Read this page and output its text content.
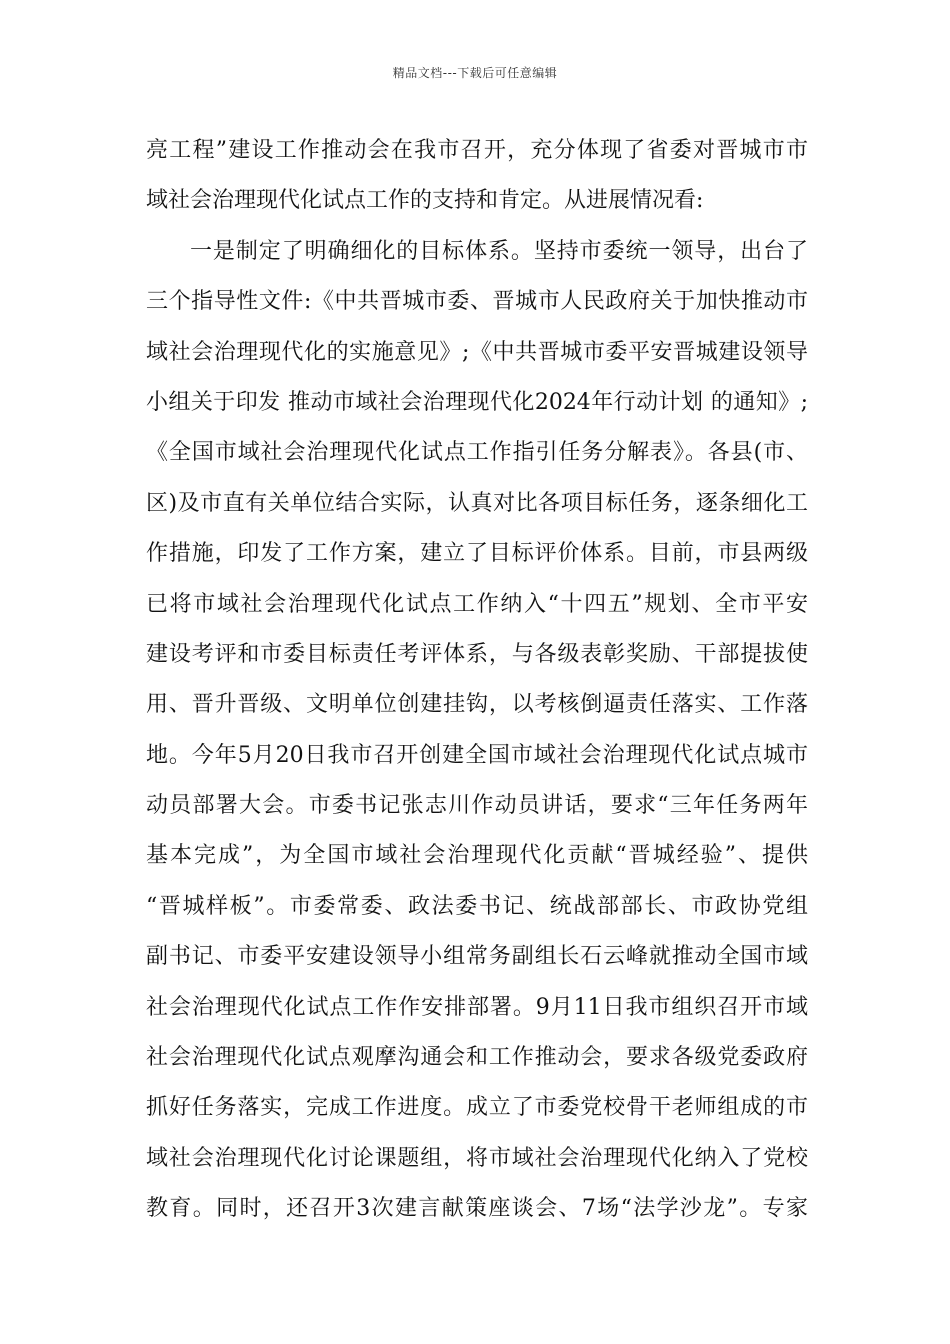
精品文档---下载后可任意编辑
亮工程”建设工作推动会在我市召开，充分体现了省委对晋城市市
域社会治理现代化试点工作的支持和肯定。从进展情况看:
一是制定了明确细化的目标体系。坚持市委统一领导，出台了
三个指导性文件:《中共晋城市委、晋城市人民政府关于加快推动市
域社会治理现代化的实施意见》;《中共晋城市委平安晋城建设领导
小组关于印发 推动市域社会治理现代化2024年行动计划 的通知》;
《全国市域社会治理现代化试点工作指引任务分解表》。各县(市、
区)及市直有关单位结合实际，认真对比各项目标任务，逐条细化工
作措施，印发了工作方案，建立了目标评价体系。目前，市县两级
已将市域社会治理现代化试点工作纳入“十四五”规划、全市平安
建设考评和市委目标责任考评体系，与各级表彰奖励、干部提拔使
用、晋升晋级、文明单位创建挂钩，以考核倒逼责任落实、工作落
地。今年5月20日我市召开创建全国市域社会治理现代化试点城市
动员部署大会。市委书记张志川作动员讲话，要求“三年任务两年
基本完成”，为全国市域社会治理现代化贡献“晋城经验”、提供
“晋城样板”。市委常委、政法委书记、统战部部长、市政协党组
副书记、市委平安建设领导小组常务副组长石云峰就推动全国市域
社会治理现代化试点工作作安排部署。9月11日我市组织召开市域
社会治理现代化试点观摩沟通会和工作推动会，要求各级党委政府
抓好任务落实，完成工作进度。成立了市委党校骨干老师组成的市
域社会治理现代化讨论课题组，将市域社会治理现代化纳入了党校
教育。同时，还召开3次建言献策座谈会、7场“法学沙龙”。专家
